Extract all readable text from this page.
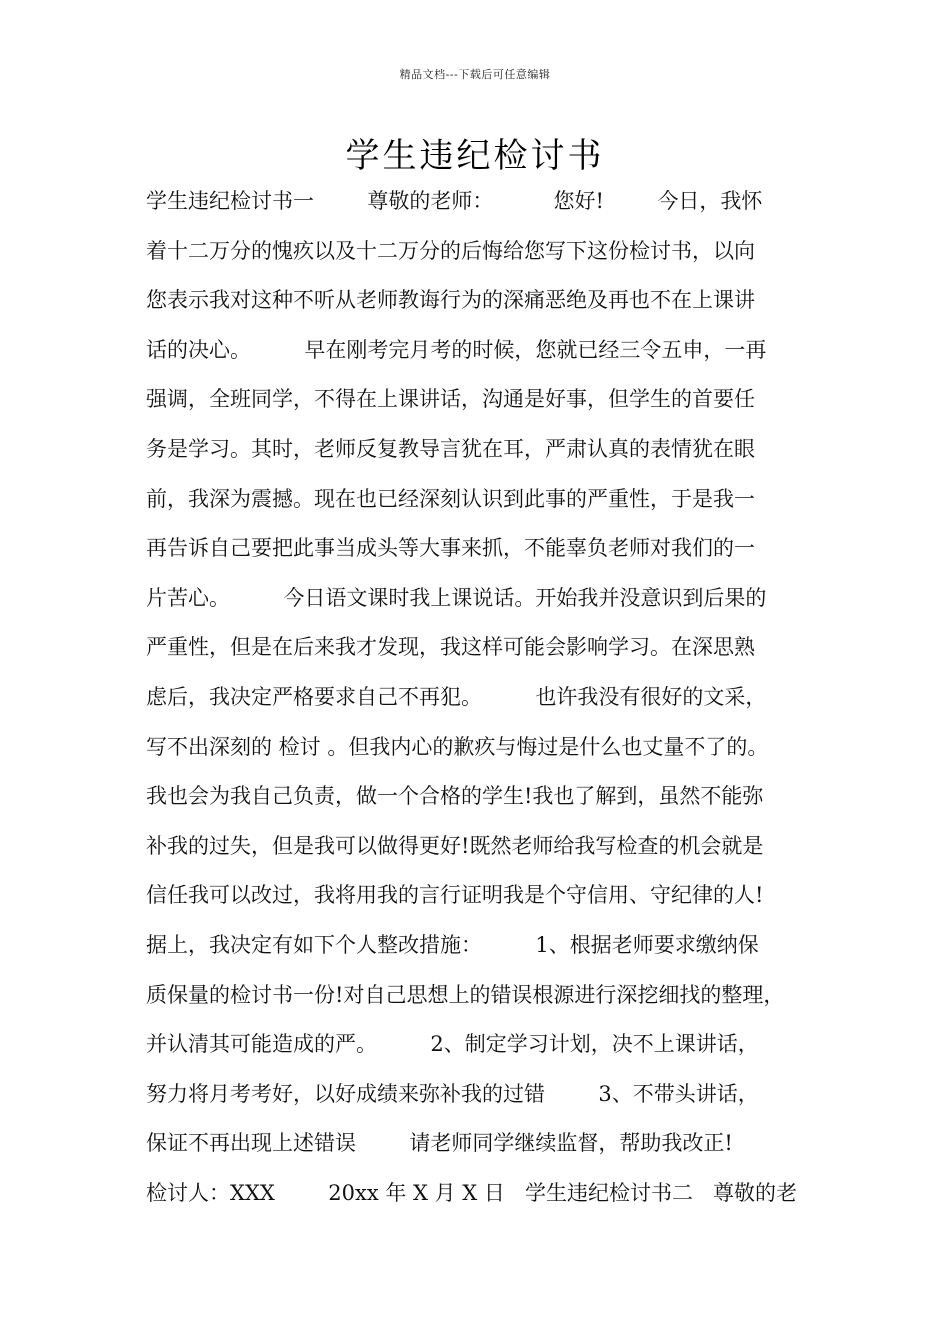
精品文档---下载后可任意编辑
学生违纪检讨书
学生违纪检讨书一        尊敬的老师：         您好!        今日，我怀
着十二万分的愧疚以及十二万分的后悔给您写下这份检讨书，以向
您表示我对这种不听从老师教诲行为的深痛恶绝及再也不在上课讲
话的决心。        早在刚考完月考的时候，您就已经三令五申，一再
强调，全班同学，不得在上课讲话，沟通是好事，但学生的首要任
务是学习。其时，老师反复教导言犹在耳，严肃认真的表情犹在眼
前，我深为震撼。现在也已经深刻认识到此事的严重性，于是我一
再告诉自己要把此事当成头等大事来抓，不能辜负老师对我们的一
片苦心。        今日语文课时我上课说话。开始我并没意识到后果的
严重性，但是在后来我才发现，我这样可能会影响学习。在深思熟
虑后，我决定严格要求自己不再犯。        也许我没有很好的文采，
写不出深刻的 检讨 。但我内心的歉疚与悔过是什么也丈量不了的。
我也会为我自己负责，做一个合格的学生!我也了解到，虽然不能弥
补我的过失，但是我可以做得更好!既然老师给我写检查的机会就是
信任我可以改过，我将用我的言行证明我是个守信用、守纪律的人!
据上，我决定有如下个人整改措施：        1、根据老师要求缴纳保
质保量的检讨书一份!对自己思想上的错误根源进行深挖细找的整理，
并认清其可能造成的严。        2、制定学习计划，决不上课讲话，
努力将月考考好，以好成绩来弥补我的过错        3、不带头讲话，
保证不再出现上述错误        请老师同学继续监督，帮助我改正!
检讨人：XXX        20xx 年 X 月 X 日   学生违纪检讨书二   尊敬的老
